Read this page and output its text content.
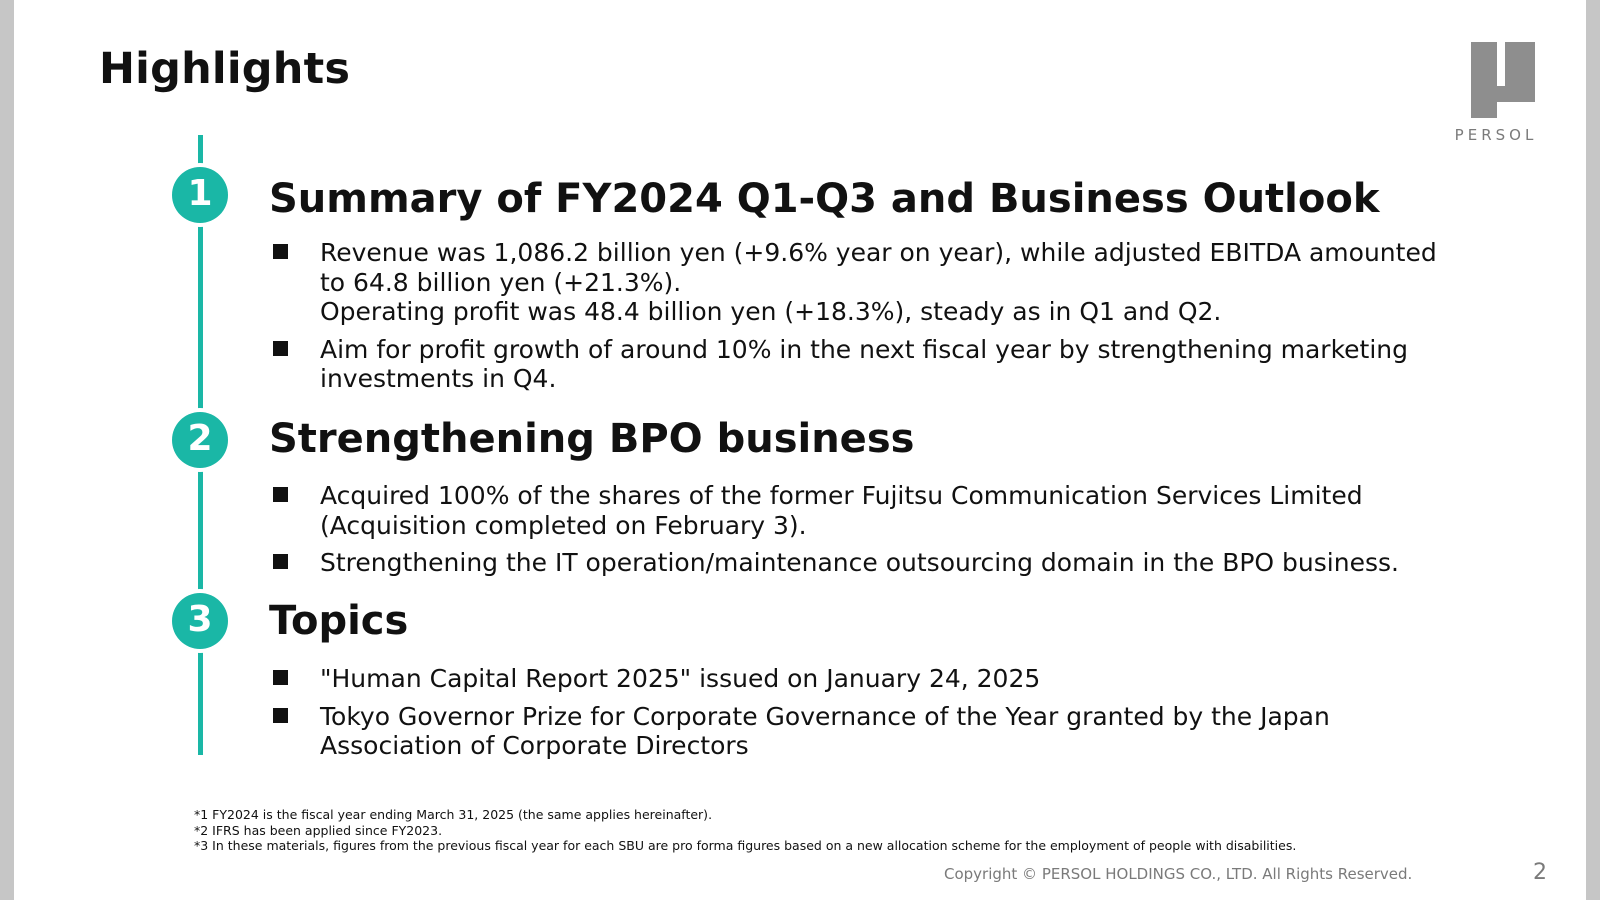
Highlights
PERSOL
1 Summary of FY2024 Q1-Q3 and Business Outlook
Revenue was 1,086.2 billion yen (+9.6% year on year), while adjusted EBITDA amounted
to 64.8 billion yen (+21.3%).
Operating profit was 48.4 billion yen (+18.3%), steady as in Q1 and Q2.
Aim for profit growth of around 10% in the next fiscal year by strengthening marketing
investments in Q4.
2 Strengthening BPO business
Acquired 100% of the shares of the former Fujitsu Communication Services Limited
(Acquisition completed on February 3).
Strengthening the IT operation/maintenance outsourcing domain in the BPO business.
3 Topics
"Human Capital Report 2025" issued on January 24, 2025
Tokyo Governor Prize for Corporate Governance of the Year granted by the Japan
Association of Corporate Directors
*1 FY2024 is the fiscal year ending March 31, 2025 (the same applies hereinafter).
*2 IFRS has been applied since FY2023.
*3 In these materials, figures from the previous fiscal year for each SBU are pro forma figures based on a new allocation scheme for the employment of people with disabilities.
Copyright © PERSOL HOLDINGS CO., LTD. All Rights Reserved.	2
